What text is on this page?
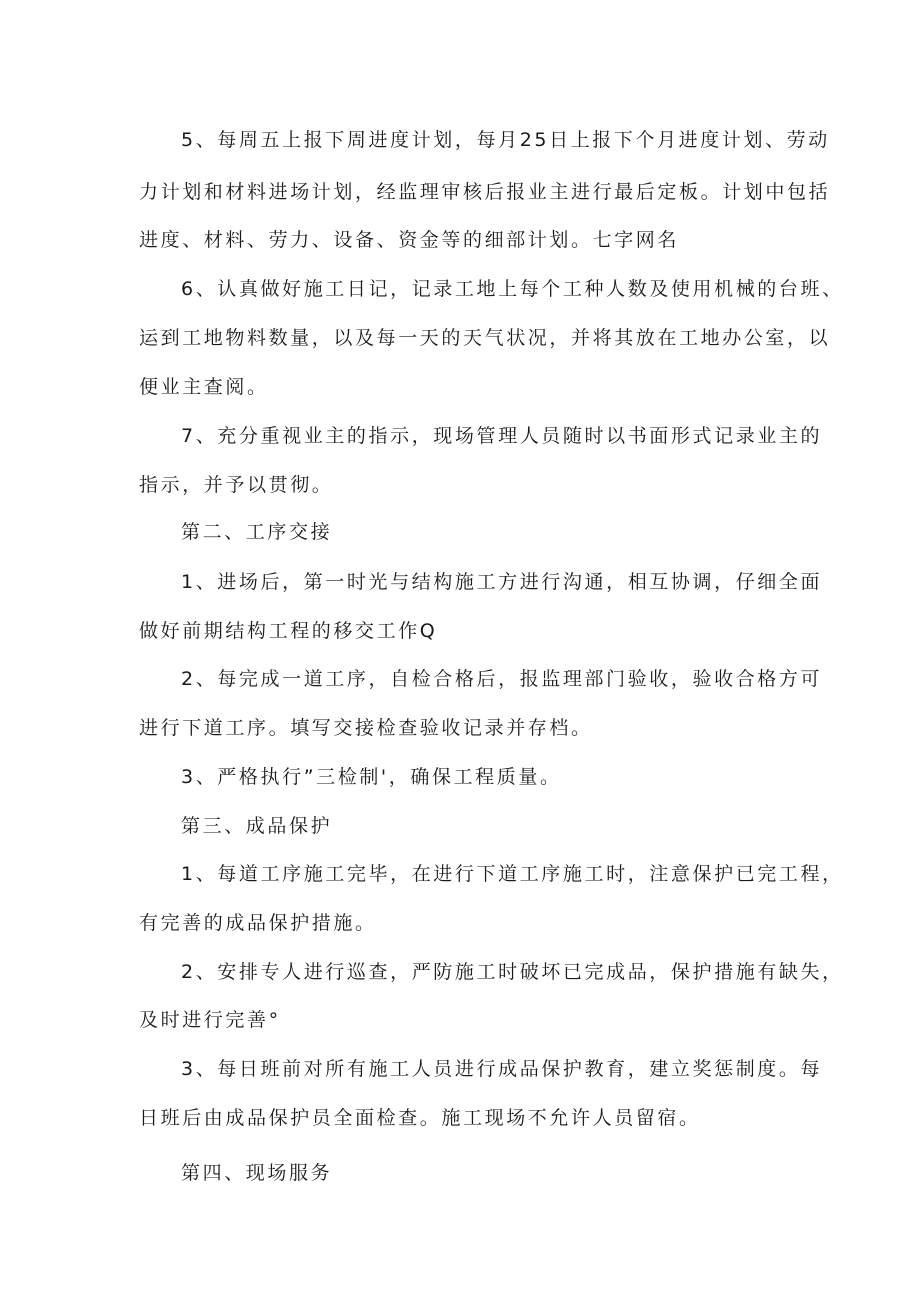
5、每周五上报下周进度计划，每月25日上报下个月进度计划、劳动
力计划和材料进场计划，经监理审核后报业主进行最后定板。计划中包括
进度、材料、劳力、设备、资金等的细部计划。七字网名
6、认真做好施工日记，记录工地上每个工种人数及使用机械的台班、
运到工地物料数量，以及每一天的天气状况，并将其放在工地办公室，以
便业主查阅。
7、充分重视业主的指示，现场管理人员随时以书面形式记录业主的
指示，并予以贯彻。
第二、工序交接
1、进场后，第一时光与结构施工方进行沟通，相互协调，仔细全面
做好前期结构工程的移交工作Q
2、每完成一道工序，自检合格后，报监理部门验收，验收合格方可
进行下道工序。填写交接检查验收记录并存档。
3、严格执行”三检制'，确保工程质量。
第三、成品保护
1、每道工序施工完毕，在进行下道工序施工时，注意保护已完工程，
有完善的成品保护措施。
2、安排专人进行巡查，严防施工时破坏已完成品，保护措施有缺失，
及时进行完善°
3、每日班前对所有施工人员进行成品保护教育，建立奖惩制度。每
日班后由成品保护员全面检查。施工现场不允许人员留宿。
第四、现场服务
